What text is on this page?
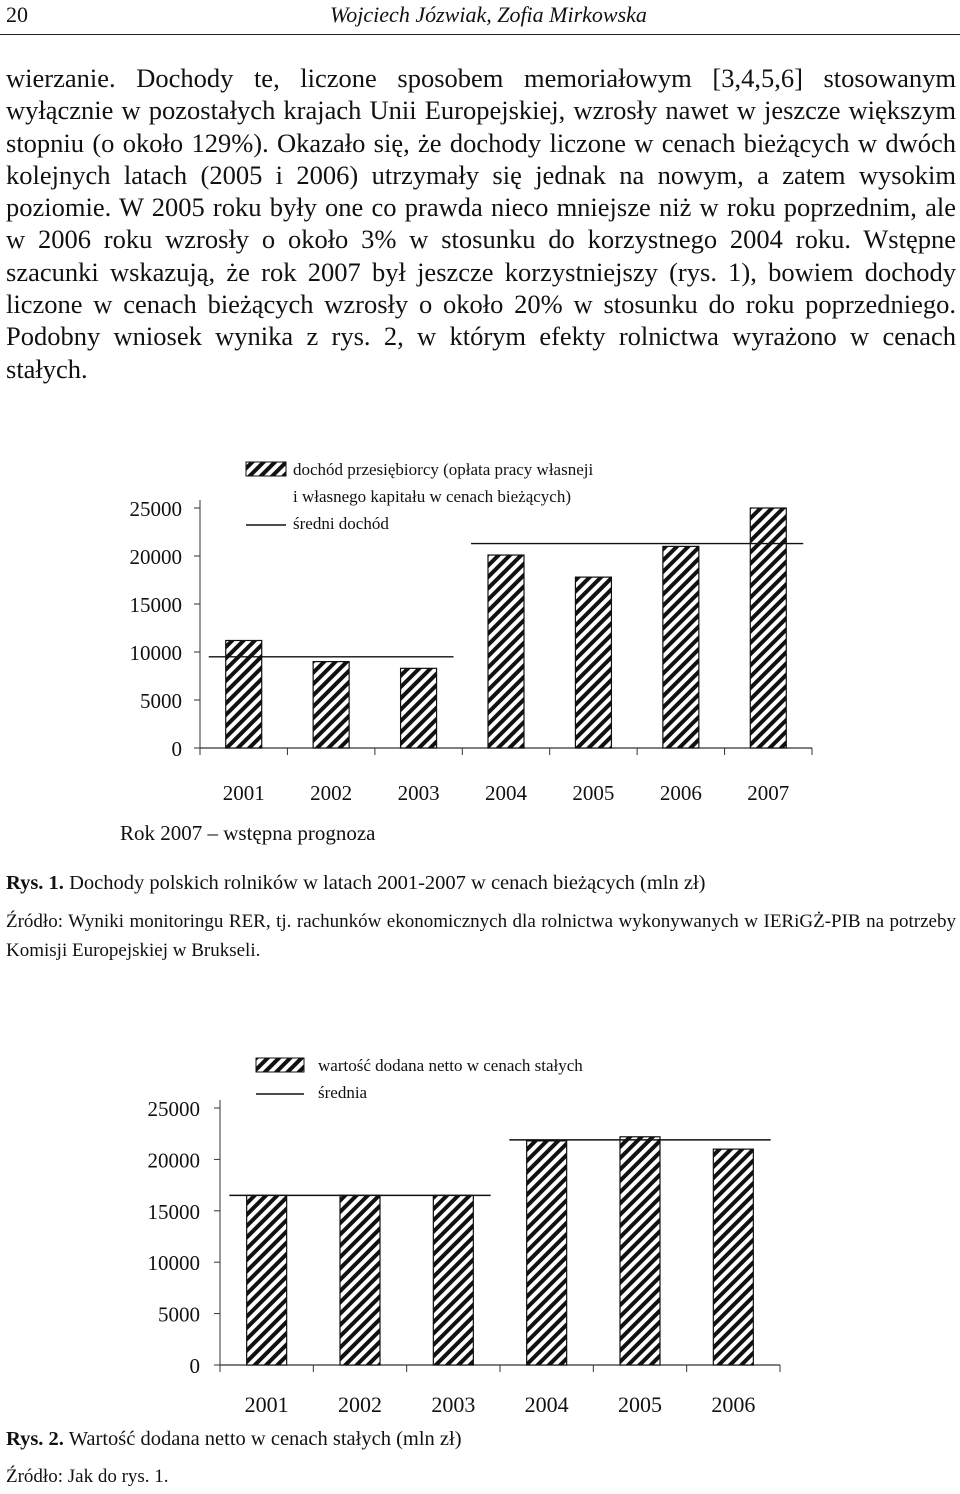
20	Wojciech Józwiak, Zofia Mirkowska

wierzanie. Dochody te, liczone sposobem memoriałowym [3,4,5,6] stosowanym wyłącznie w pozostałych krajach Unii Europejskiej, wzrosły nawet w jeszcze większym stopniu (o około 129%). Okazało się, że dochody liczone w cenach bieżących w dwóch kolejnych latach (2005 i 2006) utrzymały się jednak na nowym, a zatem wysokim poziomie. W 2005 roku były one co prawda nieco mniejsze niż w roku poprzednim, ale w 2006 roku wzrosły o około 3% w stosunku do korzystnego 2004 roku. Wstępne szacunki wskazują, że rok 2007 był jeszcze korzystniejszy (rys. 1), bowiem dochody liczone w cenach bieżących wzrosły o około 20% w stosunku do roku poprzedniego. Podobny wniosek wynika z rys. 2, w którym efekty rolnictwa wyrażono w cenach stałych.

25000
20000
15000
10000
5000
0
2001 2002 2003 2004 2005 2006 2007
dochód przesiębiorcy (opłata pracy własneji
i własnego kapitału w cenach bieżących)
średni dochód
Rok 2007 – wstępna prognoza
Rys. 1. Dochody polskich rolników w latach 2001-2007 w cenach bieżących (mln zł)
Źródło: Wyniki monitoringu RER, tj. rachunków ekonomicznych dla rolnictwa wykonywanych w IERiGŻ-PIB na potrzeby Komisji Europejskiej w Brukseli.
25000
20000
15000
10000
5000
0
2001 2002 2003 2004 2005 2006
wartość dodana netto w cenach stałych
średnia
Rys. 2. Wartość dodana netto w cenach stałych (mln zł)
Źródło: Jak do rys. 1.
